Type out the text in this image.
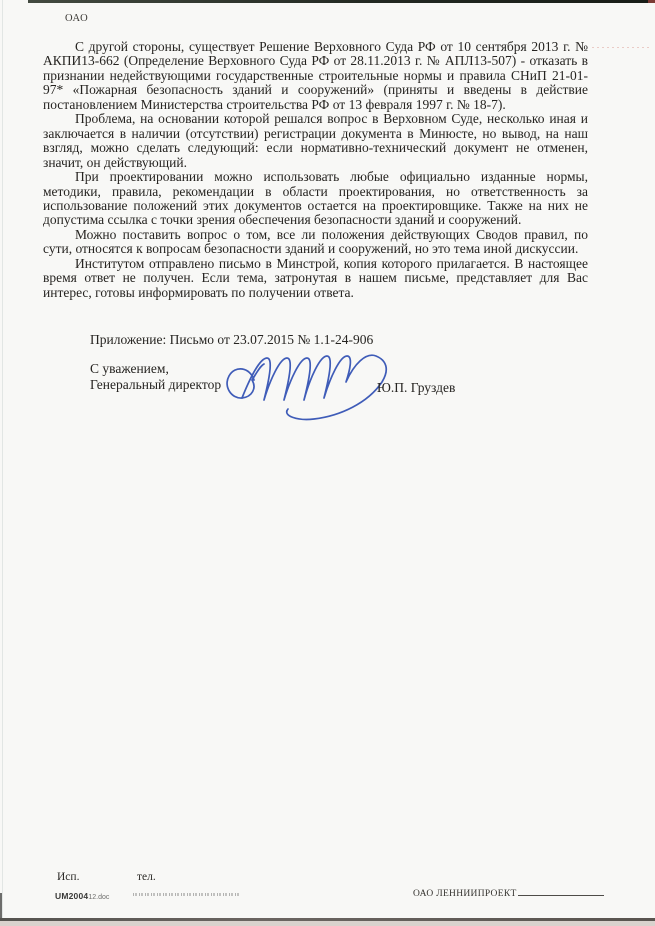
ОАО

С другой стороны, существует Решение Верховного Суда РФ от 10 сентября 2013 г. № АКПИ13-662 (Определение Верховного Суда РФ от 28.11.2013 г. № АПЛ13-507) - отказать в признании недействующими государственные строительные нормы и правила СНиП 21-01-97* «Пожарная безопасность зданий и сооружений» (приняты и введены в действие постановлением Министерства строительства РФ от 13 февраля 1997 г. № 18-7).

Проблема, на основании которой решался вопрос в Верховном Суде, несколько иная и заключается в наличии (отсутствии) регистрации документа в Минюсте, но вывод, на наш взгляд, можно сделать следующий: если нормативно-технический документ не отменен, значит, он действующий.

При проектировании можно использовать любые официально изданные нормы, методики, правила, рекомендации в области проектирования, но ответственность за использование положений этих документов остается на проектировщике. Также на них не допустима ссылка с точки зрения обеспечения безопасности зданий и сооружений.

Можно поставить вопрос о том, все ли положения действующих Сводов правил, по сути, относятся к вопросам безопасности зданий и сооружений, но это тема иной дискуссии.

Институтом отправлено письмо в Минстрой, копия которого прилагается. В настоящее время ответ не получен. Если тема, затронутая в нашем письме, представляет для Вас интерес, готовы информировать по получении ответа.

Приложение: Письмо от 23.07.2015 № 1.1-24-906
С уважением,
Генеральный директор	Ю.П. Груздев
Исп.	тел.
UM200412.doc	ОАО ЛЕННИИПРОЕКТ
